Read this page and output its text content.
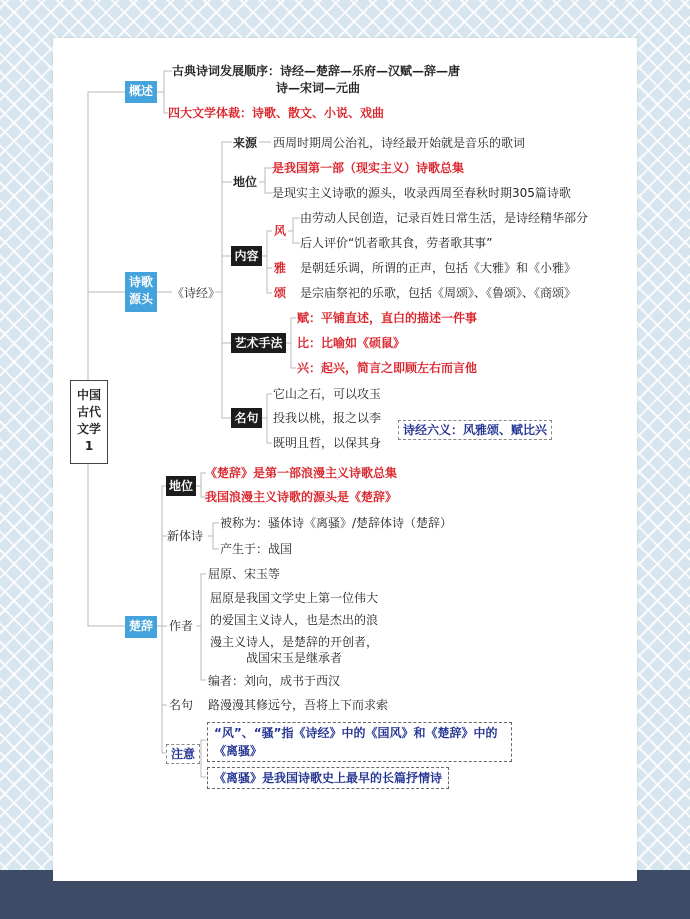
中国
古代
文学
1
概述
古典诗词发展顺序：诗经—楚辞—乐府—汉赋—辞—唐
诗—宋词—元曲
四大文学体裁：诗歌、散文、小说、戏曲
诗歌
源头	《诗经》
来源 西周时期周公治礼，诗经最开始就是音乐的歌词
地位
是我国第一部（现实主义）诗歌总集
是现实主义诗歌的源头，收录西周至春秋时期305篇诗歌
内容
风
由劳动人民创造，记录百姓日常生活，是诗经精华部分
后人评价“饥者歌其食，劳者歌其事”
雅 是朝廷乐调，所谓的正声，包括《大雅》和《小雅》
颂 是宗庙祭祀的乐歌，包括《周颂》、《鲁颂》、《商颂》
艺术手法
赋：平铺直述，直白的描述一件事
比：比喻如《硕鼠》
兴：起兴，简言之即顾左右而言他
名句
它山之石，可以攻玉
投我以桃，报之以李
既明且哲，以保其身
诗经六义：风雅颂、赋比兴
楚辞
地位
《楚辞》是第一部浪漫主义诗歌总集
我国浪漫主义诗歌的源头是《楚辞》
新体诗
被称为：骚体诗《离骚》/楚辞体诗（楚辞）
产生于：战国
作者
屈原、宋玉等
屈原是我国文学史上第一位伟大
的爱国主义诗人，也是杰出的浪
漫主义诗人，是楚辞的开创者，
战国宋玉是继承者
编者：刘向，成书于西汉
名句 路漫漫其修远兮，吾将上下而求索
注意
“风”、“骚”指《诗经》中的《国风》和《楚辞》中的
《离骚》
《离骚》是我国诗歌史上最早的长篇抒情诗
